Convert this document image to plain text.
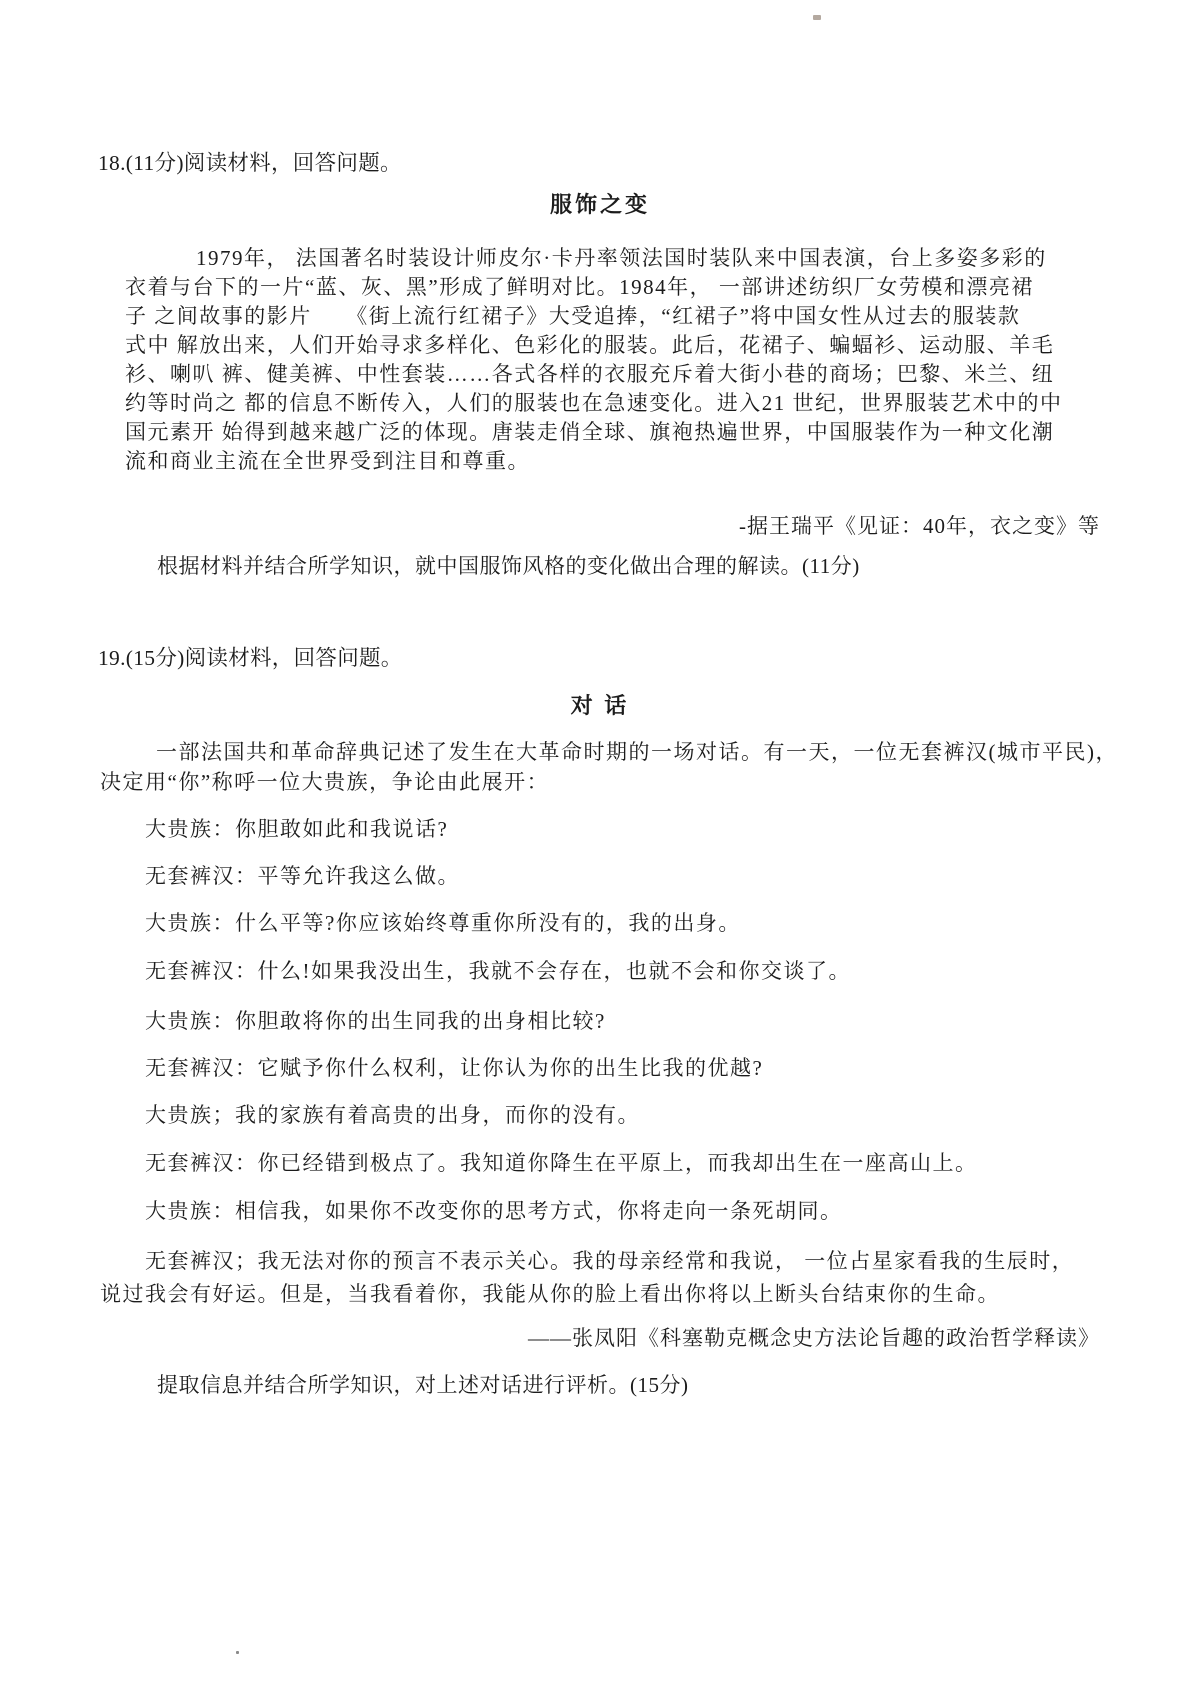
18.(11分)阅读材料，回答问题。
服饰之变
1979年， 法国著名时装设计师皮尔·卡丹率领法国时装队来中国表演，台上多姿多彩的
衣着与台下的一片“蓝、灰、黑”形成了鲜明对比。1984年， 一部讲述纺织厂女劳模和漂亮裙
子 之间故事的影片　　《街上流行红裙子》大受追捧，“红裙子”将中国女性从过去的服装款
式中 解放出来，人们开始寻求多样化、色彩化的服装。此后，花裙子、蝙蝠衫、运动服、羊毛
衫、喇叭 裤、健美裤、中性套装……各式各样的衣服充斥着大街小巷的商场；巴黎、米兰、纽
约等时尚之 都的信息不断传入，人们的服装也在急速变化。进入21 世纪，世界服装艺术中的中
国元素开 始得到越来越广泛的体现。唐装走俏全球、旗袍热遍世界，中国服装作为一种文化潮
流和商业主流在全世界受到注目和尊重。
-据王瑞平《见证：40年，衣之变》等
根据材料并结合所学知识，就中国服饰风格的变化做出合理的解读。(11分)
19.(15分)阅读材料，回答问题。
对 话
一部法国共和革命辞典记述了发生在大革命时期的一场对话。有一天，一位无套裤汉(城市平民)，
决定用“你”称呼一位大贵族，争论由此展开：
大贵族：你胆敢如此和我说话?
无套裤汉：平等允许我这么做。
大贵族：什么平等?你应该始终尊重你所没有的，我的出身。
无套裤汉：什么!如果我没出生，我就不会存在，也就不会和你交谈了。
大贵族：你胆敢将你的出生同我的出身相比较?
无套裤汉：它赋予你什么权利，让你认为你的出生比我的优越?
大贵族；我的家族有着高贵的出身，而你的没有。
无套裤汉：你已经错到极点了。我知道你降生在平原上，而我却出生在一座高山上。
大贵族：相信我，如果你不改变你的思考方式，你将走向一条死胡同。
无套裤汉；我无法对你的预言不表示关心。我的母亲经常和我说， 一位占星家看我的生辰时，
说过我会有好运。但是，当我看着你，我能从你的脸上看出你将以上断头台结束你的生命。
——张凤阳《科塞勒克概念史方法论旨趣的政治哲学释读》
提取信息并结合所学知识，对上述对话进行评析。(15分)
